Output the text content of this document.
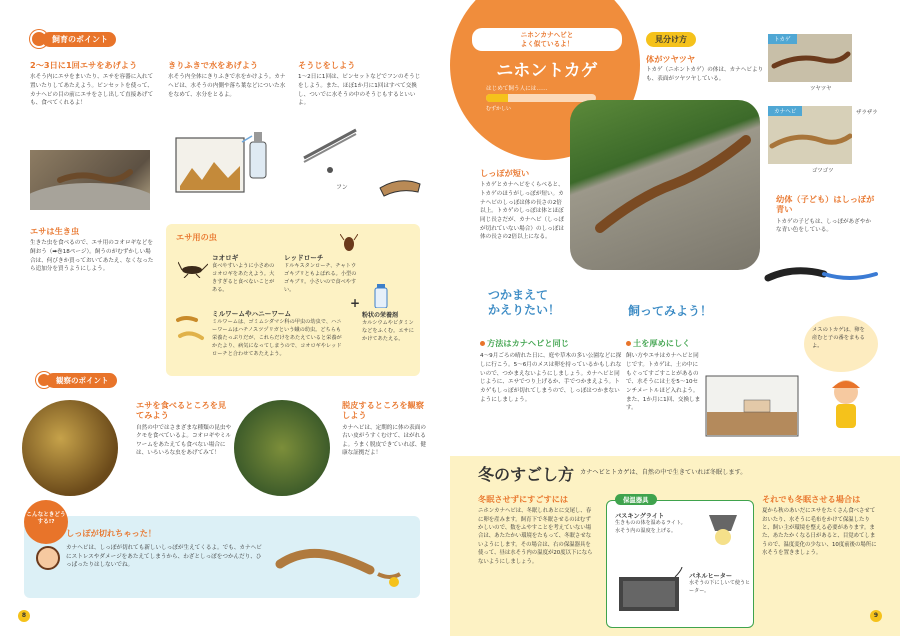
飼育のポイント
2～3日に1回エサをあげよう
水そう内にエサをまいたり、エサを容器に入れて置いたりしてあたえよう。ピンセットを使って、カナヘビの目の前にエサをさし出して直接あげても、食べてくれるよ！
きりふきで水をあげよう
水そう内全体にきりふきで水をかけよう。カナヘビは、水そうの内側や落ち葉などについた水をなめて、水分をとるよ。
そうじをしよう
1～2日に1回は、ピンセットなどでフンのそうじをしよう。また、ほぼ1か月に1回はすべて交換し、ついでに水そうの中のそうじもするといいよ。
フン
エサは生き虫
生きた虫を食べるので、エサ用のコオロギなどを飼おう（➡巻18ページ）。飼うのがむずかしい場合は、何びきか買っておいてあたえ、なくなったら追加分を買うようにしよう。
エサ用の虫
コオロギ
食べやすいように小さめのコオロギをあたえよう。大きすぎると食べないことがある。
レッドローチ
ドルキスタンローチ、チャトウゴキブリともよばれる。小型のゴキブリ。小さいので食べやすい。
ミルワームやハニーワーム
ミルワームは、ゴミムシダマシ科の甲虫の幼虫で、ハニーワームはハチノスツヅリガという蛾の幼虫。どちらも栄養たっぷりだが、これらだけをあたえていると栄養がかたより、病気になってしまうので、コオロギやレッドローチと合わせてあたえよう。
+
粉状の栄養剤
カルシウムやビタミンなどをふくむ。エサにかけてあたえる。
観察のポイント
エサを食べるところを見てみよう
自然の中ではさまざまな種類の昆虫やクモを食べているよ。コオロギやミルワームをあたえても食べない場合には、いろいろな虫をあげてみて！
脱皮するところを観察しよう
カナヘビは、定期的に体の表面の古い皮がうすくむけて、はがれるよ。うまく脱皮できていれば、健康な証拠だよ！
しっぽが切れちゃった！
カナヘビは、しっぽが切れても新しいしっぽが生えてくるよ。でも、カナヘビにストレスやダメージをあたえてしまうから、わざとしっぽをつかんだり、ひっぱったりはしないでね。
こんなときどうする!?
8
ニホンカナヘビと
よく似ているよ！
ニホントカゲ
はじめて飼う人には……
むずかしい
見分け方
体がツヤツヤ
トカゲ（ニホントカゲ）の体は、カナヘビよりも、表面がツヤツヤしている。
トカゲ
ツヤツヤ
カナヘビ	ザラザラ
ゴツゴツ
しっぽが短い
トカゲとカナヘビをくらべると、トカゲのほうがしっぽが短い。カナヘビのしっぽは体の長さの2倍以上。トカゲのしっぽは体とほぼ同じ長さだが、カナヘビ（しっぽが切れていない場合）のしっぽは体の長さの2倍以上になる。
幼体（子ども）はしっぽが青い
トカゲの子どもは、しっぽがあざやかな青い色をしている。
つかまえて
かえりたい！
方法はカナヘビと同じ
4～9月ごろの晴れた日に、庭や草木の多い公園などに探しに行こう。5～6月のメスは卵を持っているかもしれないので、つかまえないようにしましょう。カナヘビと同じように、エサでつり上げるか、手でつかまえよう。トカゲもしっぽが切れてしまうので、しっぽはつかまないようにしましょう。
飼ってみよう！
土を厚めにしく
飼い方やエサはカナヘビと同じです。トカゲは、土の中にもぐってすごすことがあるので、水そうには土を5～10センチメートルほど入れよう。また、1か月に1回、交換します。
メスのトカゲは、卵を産むと子の番をまもるよ。
冬のすごし方 カナヘビとトカゲは、自然の中で生きていれば冬眠します。
冬眠させずにすごすには
ニホンカナヘビは、冬眠しれあとに交尾し、春に卵を産みます。飼育下で冬眠させるのはむずかしいので、数をふやすことを考えていない場合は、あたたかい環境をたもって、冬眠させないようにします。その場合は、右の保温器具を使って、昼は水そう内の温度が20度以下にならないようにしましょう。
保温器具
バスキングライト
生きものの体を温めるライト。水そう内の温度を上げる。
パネルヒーター
水そうの下にしいて使うヒーター。
それでも冬眠させる場合は
夏から秋のあいだにエサをたくさん食べさせておいたり、水そうに毛布をかけて保温したりと、飼い主が環境を整える必要があります。また、あたたかくなる日があると、目覚めてしまうので、温度変化の少ない、10度前後の場所に水そうを置きましょう。
9
